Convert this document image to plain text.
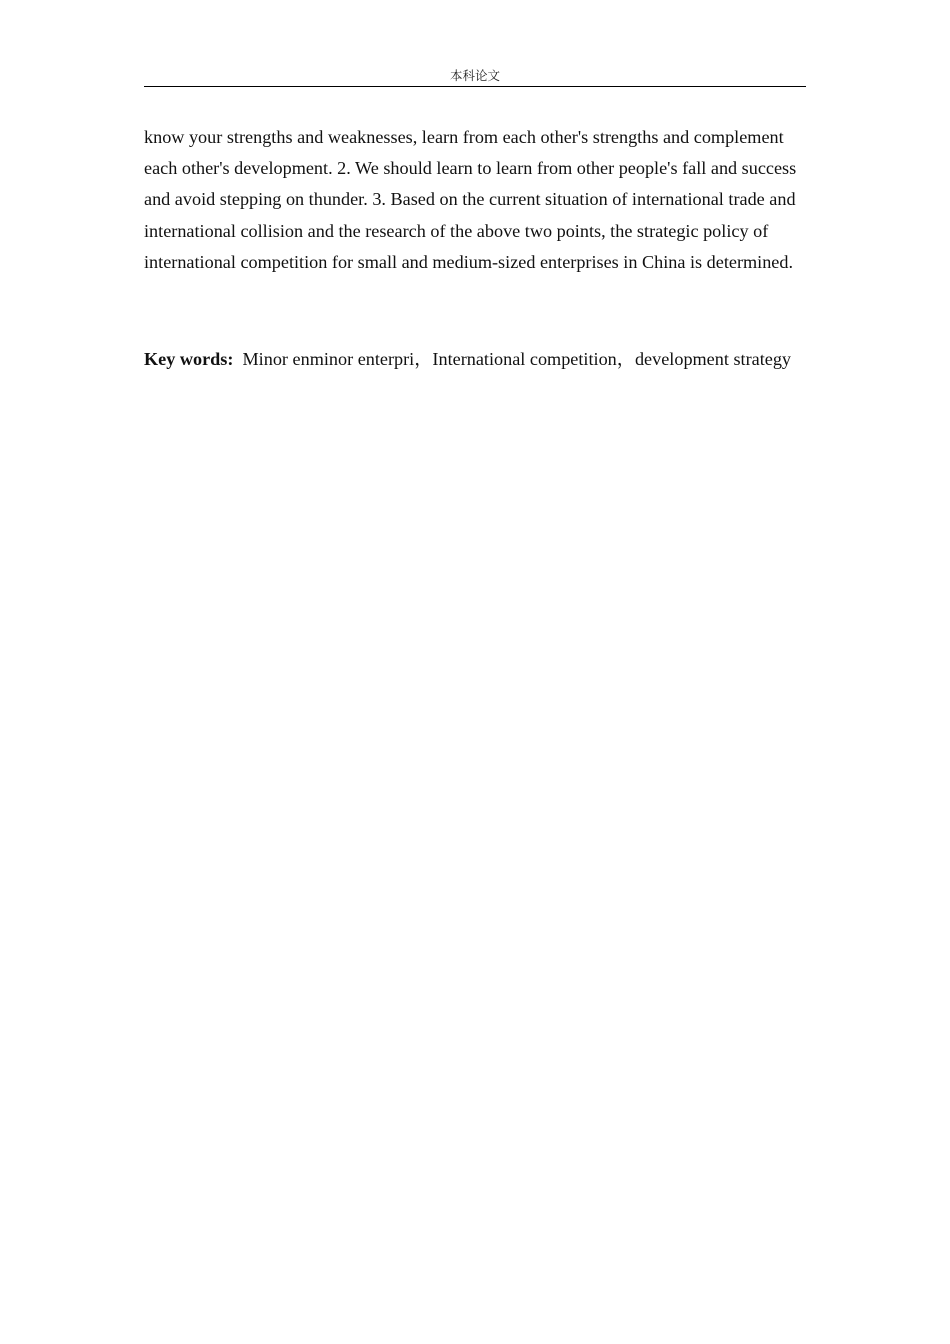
本科论文

know your strengths and weaknesses, learn from each other's strengths and complement each other's development. 2. We should learn to learn from other people's fall and success and avoid stepping on thunder. 3. Based on the current situation of international trade and international collision and the research of the above two points, the strategic policy of international competition for small and medium-sized enterprises in China is determined.

Key words: Minor enminor enterpri，International competition，development strategy
